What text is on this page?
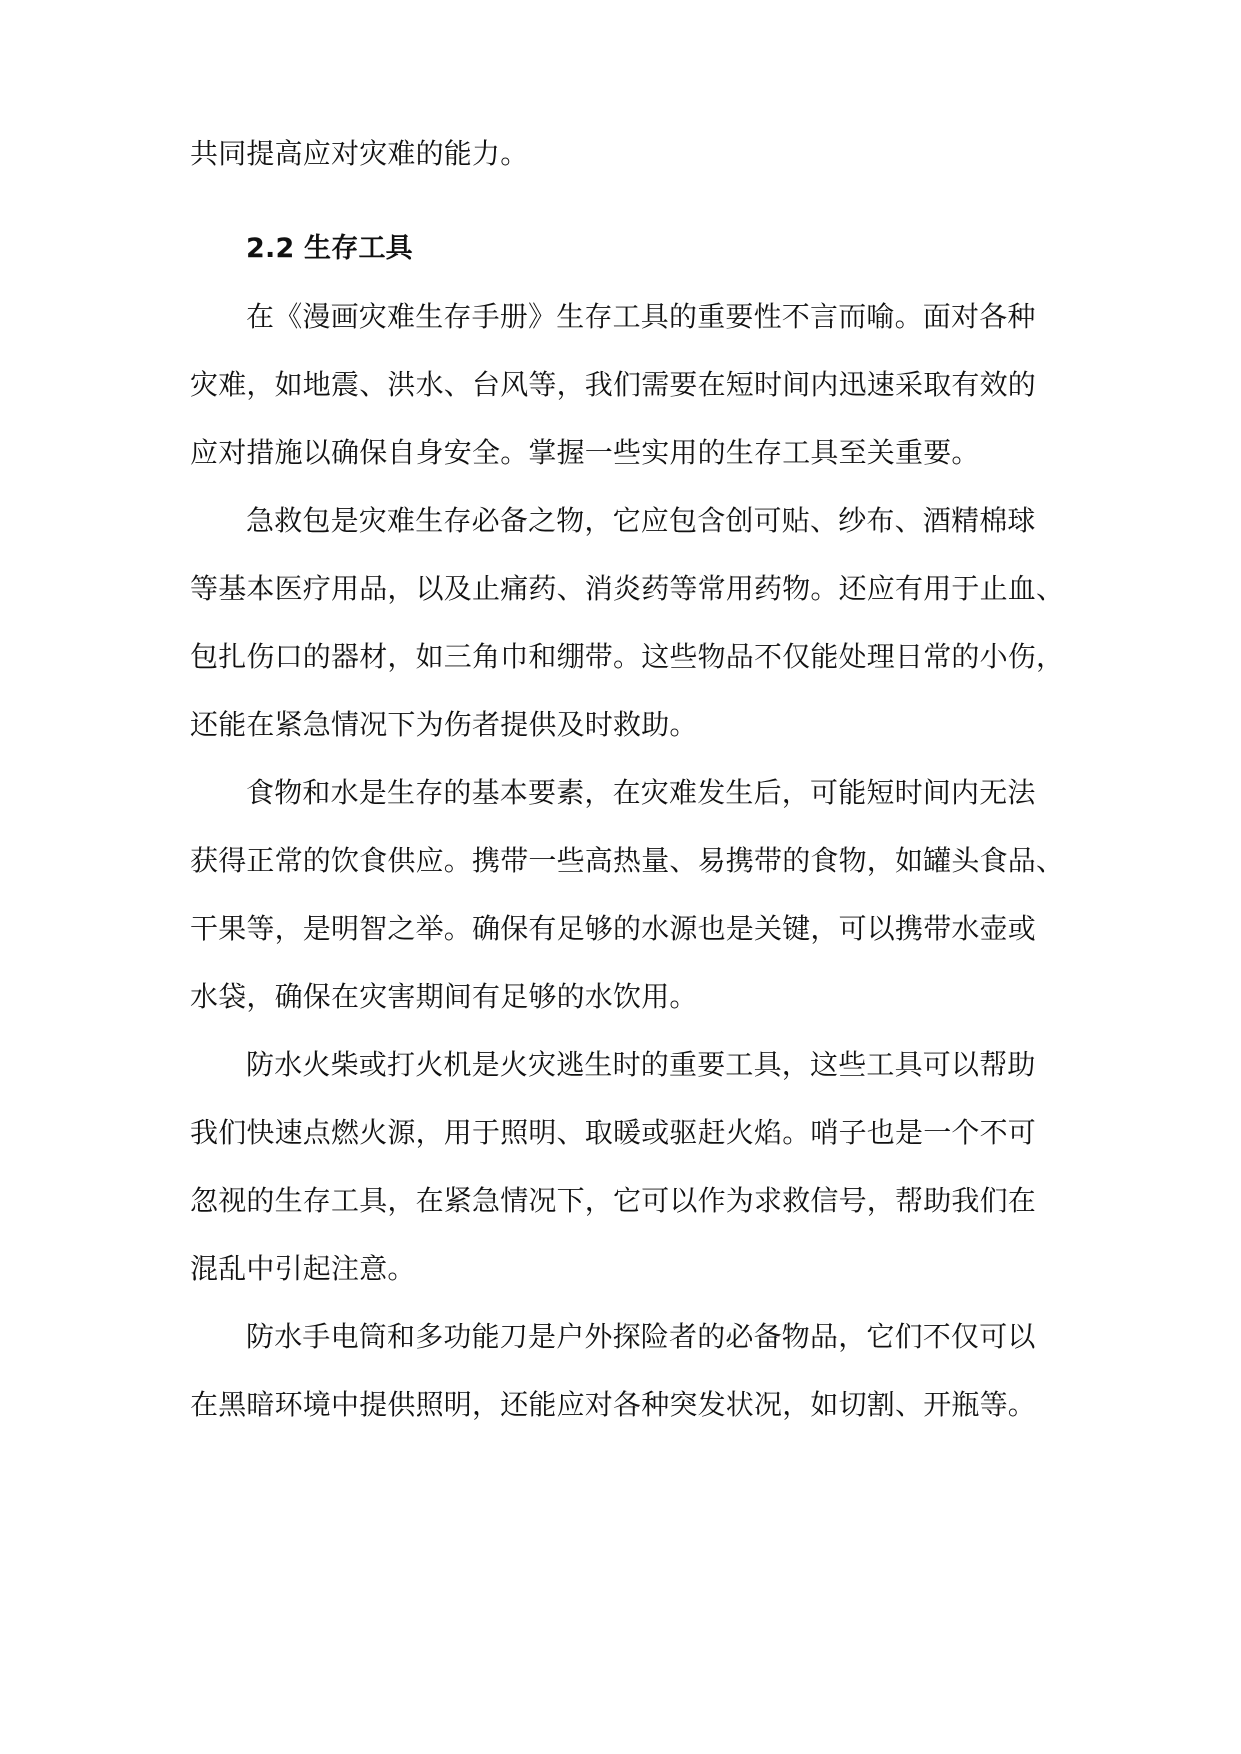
共同提高应对灾难的能力。
2.2 生存工具
在《漫画灾难生存手册》生存工具的重要性不言而喻。面对各种
灾难，如地震、洪水、台风等，我们需要在短时间内迅速采取有效的
应对措施以确保自身安全。掌握一些实用的生存工具至关重要。
急救包是灾难生存必备之物，它应包含创可贴、纱布、酒精棉球
等基本医疗用品，以及止痛药、消炎药等常用药物。还应有用于止血、
包扎伤口的器材，如三角巾和绷带。这些物品不仅能处理日常的小伤，
还能在紧急情况下为伤者提供及时救助。
食物和水是生存的基本要素，在灾难发生后，可能短时间内无法
获得正常的饮食供应。携带一些高热量、易携带的食物，如罐头食品、
干果等，是明智之举。确保有足够的水源也是关键，可以携带水壶或
水袋，确保在灾害期间有足够的水饮用。
防水火柴或打火机是火灾逃生时的重要工具，这些工具可以帮助
我们快速点燃火源，用于照明、取暖或驱赶火焰。哨子也是一个不可
忽视的生存工具，在紧急情况下，它可以作为求救信号，帮助我们在
混乱中引起注意。
防水手电筒和多功能刀是户外探险者的必备物品，它们不仅可以
在黑暗环境中提供照明，还能应对各种突发状况，如切割、开瓶等。
